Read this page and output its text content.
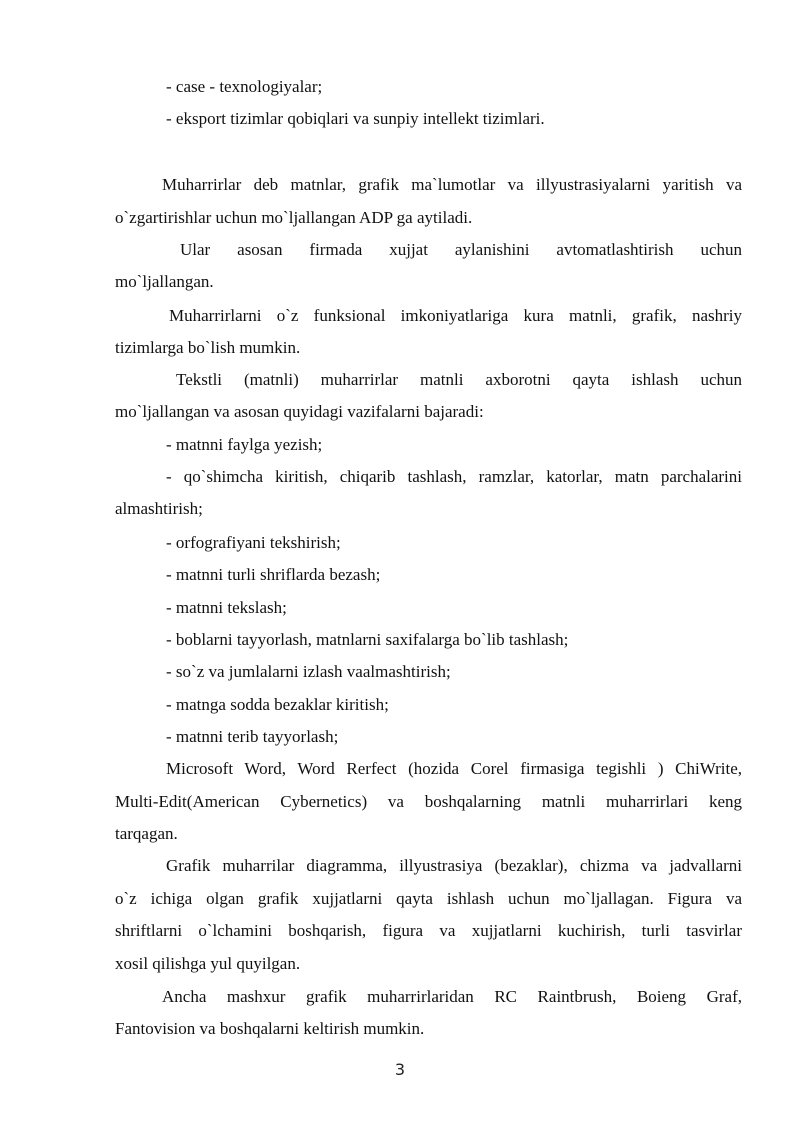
- case - texnologiyalar;
- eksport tizimlar qobiqlari va sunpiy intellekt tizimlari.
Muharrirlar deb matnlar, grafik ma`lumotlar va illyustrasiyalarni yaritish va
o`zgartirishlar uchun mo`ljallangan ADP ga aytiladi.
Ular asosan firmada xujjat aylanishini avtomatlashtirish uchun
mo`ljallangan.
Muharrirlarni o`z funksional imkoniyatlariga kura matnli, grafik, nashriy
tizimlarga bo`lish mumkin.
Tekstli (matnli) muharrirlar matnli axborotni qayta ishlash uchun
mo`ljallangan va asosan quyidagi vazifalarni bajaradi:
- matnni faylga yezish;
- qo`shimcha kiritish, chiqarib tashlash, ramzlar, katorlar, matn parchalarini
almashtirish;
- orfografiyani tekshirish;
- matnni turli shriflarda bezash;
- matnni tekslash;
- boblarni tayyorlash, matnlarni saxifalarga bo`lib tashlash;
- so`z va jumlalarni izlash vaalmashtirish;
- matnga sodda bezaklar kiritish;
- matnni terib tayyorlash;
Microsoft Word, Word Rerfect (hozida Corel firmasiga tegishli ) ChiWrite,
Multi-Edit(American Cybernetics) va boshqalarning matnli muharrirlari keng
tarqagan.
Grafik muharrilar diagramma, illyustrasiya (bezaklar), chizma va jadvallarni
o`z ichiga olgan grafik xujjatlarni qayta ishlash uchun mo`ljallagan. Figura va
shriftlarni o`lchamini boshqarish, figura va xujjatlarni kuchirish, turli tasvirlar
xosil qilishga yul quyilgan.
Ancha mashxur grafik muharrirlaridan RC Raintbrush, Boieng Graf,
Fantovision va boshqalarni keltirish mumkin.
3
